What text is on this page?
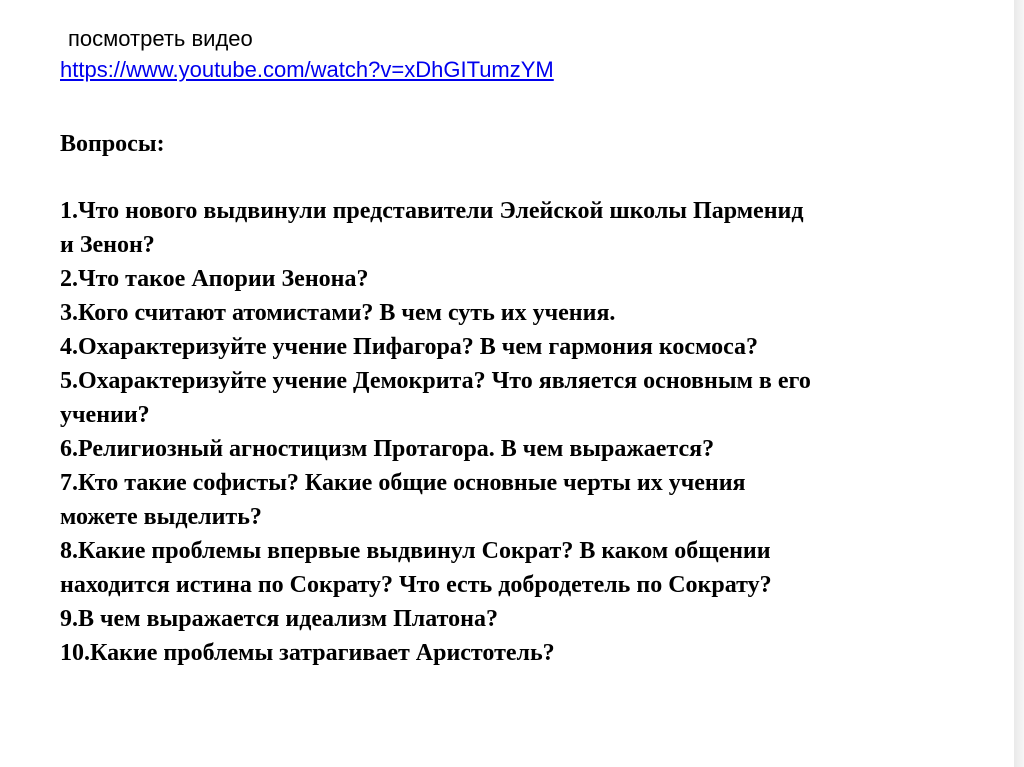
посмотреть видео
https://www.youtube.com/watch?v=xDhGITumzYM
Вопросы:
1.Что нового выдвинули представители Элейской школы Парменид
и Зенон?
2.Что такое Апории Зенона?
3.Кого считают атомистами? В чем суть их учения.
4.Охарактеризуйте учение Пифагора? В чем гармония космоса?
5.Охарактеризуйте учение Демокрита? Что является основным в его
учении?
6.Религиозный агностицизм Протагора. В чем выражается?
7.Кто такие софисты? Какие общие основные черты их учения
можете выделить?
8.Какие проблемы впервые выдвинул Сократ? В каком общении
находится истина по Сократу? Что есть добродетель по Сократу?
9.В чем выражается идеализм Платона?
10.Какие проблемы затрагивает Аристотель?
